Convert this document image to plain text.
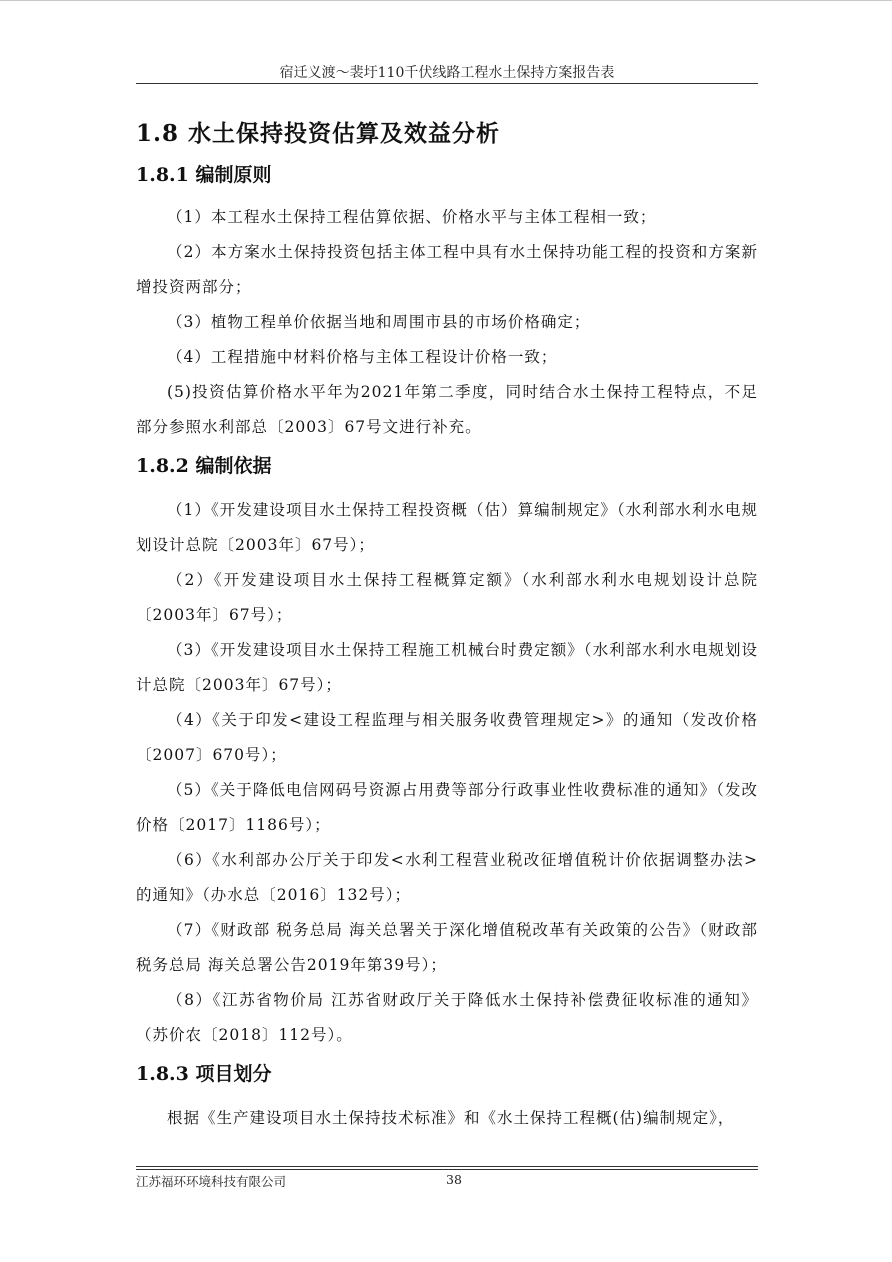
宿迁义渡～裴圩110千伏线路工程水土保持方案报告表
1.8 水土保持投资估算及效益分析
1.8.1 编制原则

（1）本工程水土保持工程估算依据、价格水平与主体工程相一致；

（2）本方案水土保持投资包括主体工程中具有水土保持功能工程的投资和方案新增投资两部分；

（3）植物工程单价依据当地和周围市县的市场价格确定；

（4）工程措施中材料价格与主体工程设计价格一致；

(5)投资估算价格水平年为2021年第二季度，同时结合水土保持工程特点，不足部分参照水利部总〔2003〕67号文进行补充。

1.8.2 编制依据

（1）《开发建设项目水土保持工程投资概（估）算编制规定》（水利部水利水电规划设计总院〔2003年〕67号）；

（2）《开发建设项目水土保持工程概算定额》（水利部水利水电规划设计总院〔2003年〕67号）；

（3）《开发建设项目水土保持工程施工机械台时费定额》（水利部水利水电规划设计总院〔2003年〕67号）；

（4）《关于印发<建设工程监理与相关服务收费管理规定>》的通知（发改价格〔2007〕670号）；

（5）《关于降低电信网码号资源占用费等部分行政事业性收费标准的通知》（发改价格〔2017〕1186号）；

（6）《水利部办公厅关于印发<水利工程营业税改征增值税计价依据调整办法>的通知》（办水总〔2016〕132号）；

（7）《财政部 税务总局 海关总署关于深化增值税改革有关政策的公告》（财政部 税务总局 海关总署公告2019年第39号）；

（8）《江苏省物价局 江苏省财政厅关于降低水土保持补偿费征收标准的通知》（苏价农〔2018〕112号）。

1.8.3 项目划分

根据《生产建设项目水土保持技术标准》和《水土保持工程概(估)编制规定》，

江苏福环环境科技有限公司	38
